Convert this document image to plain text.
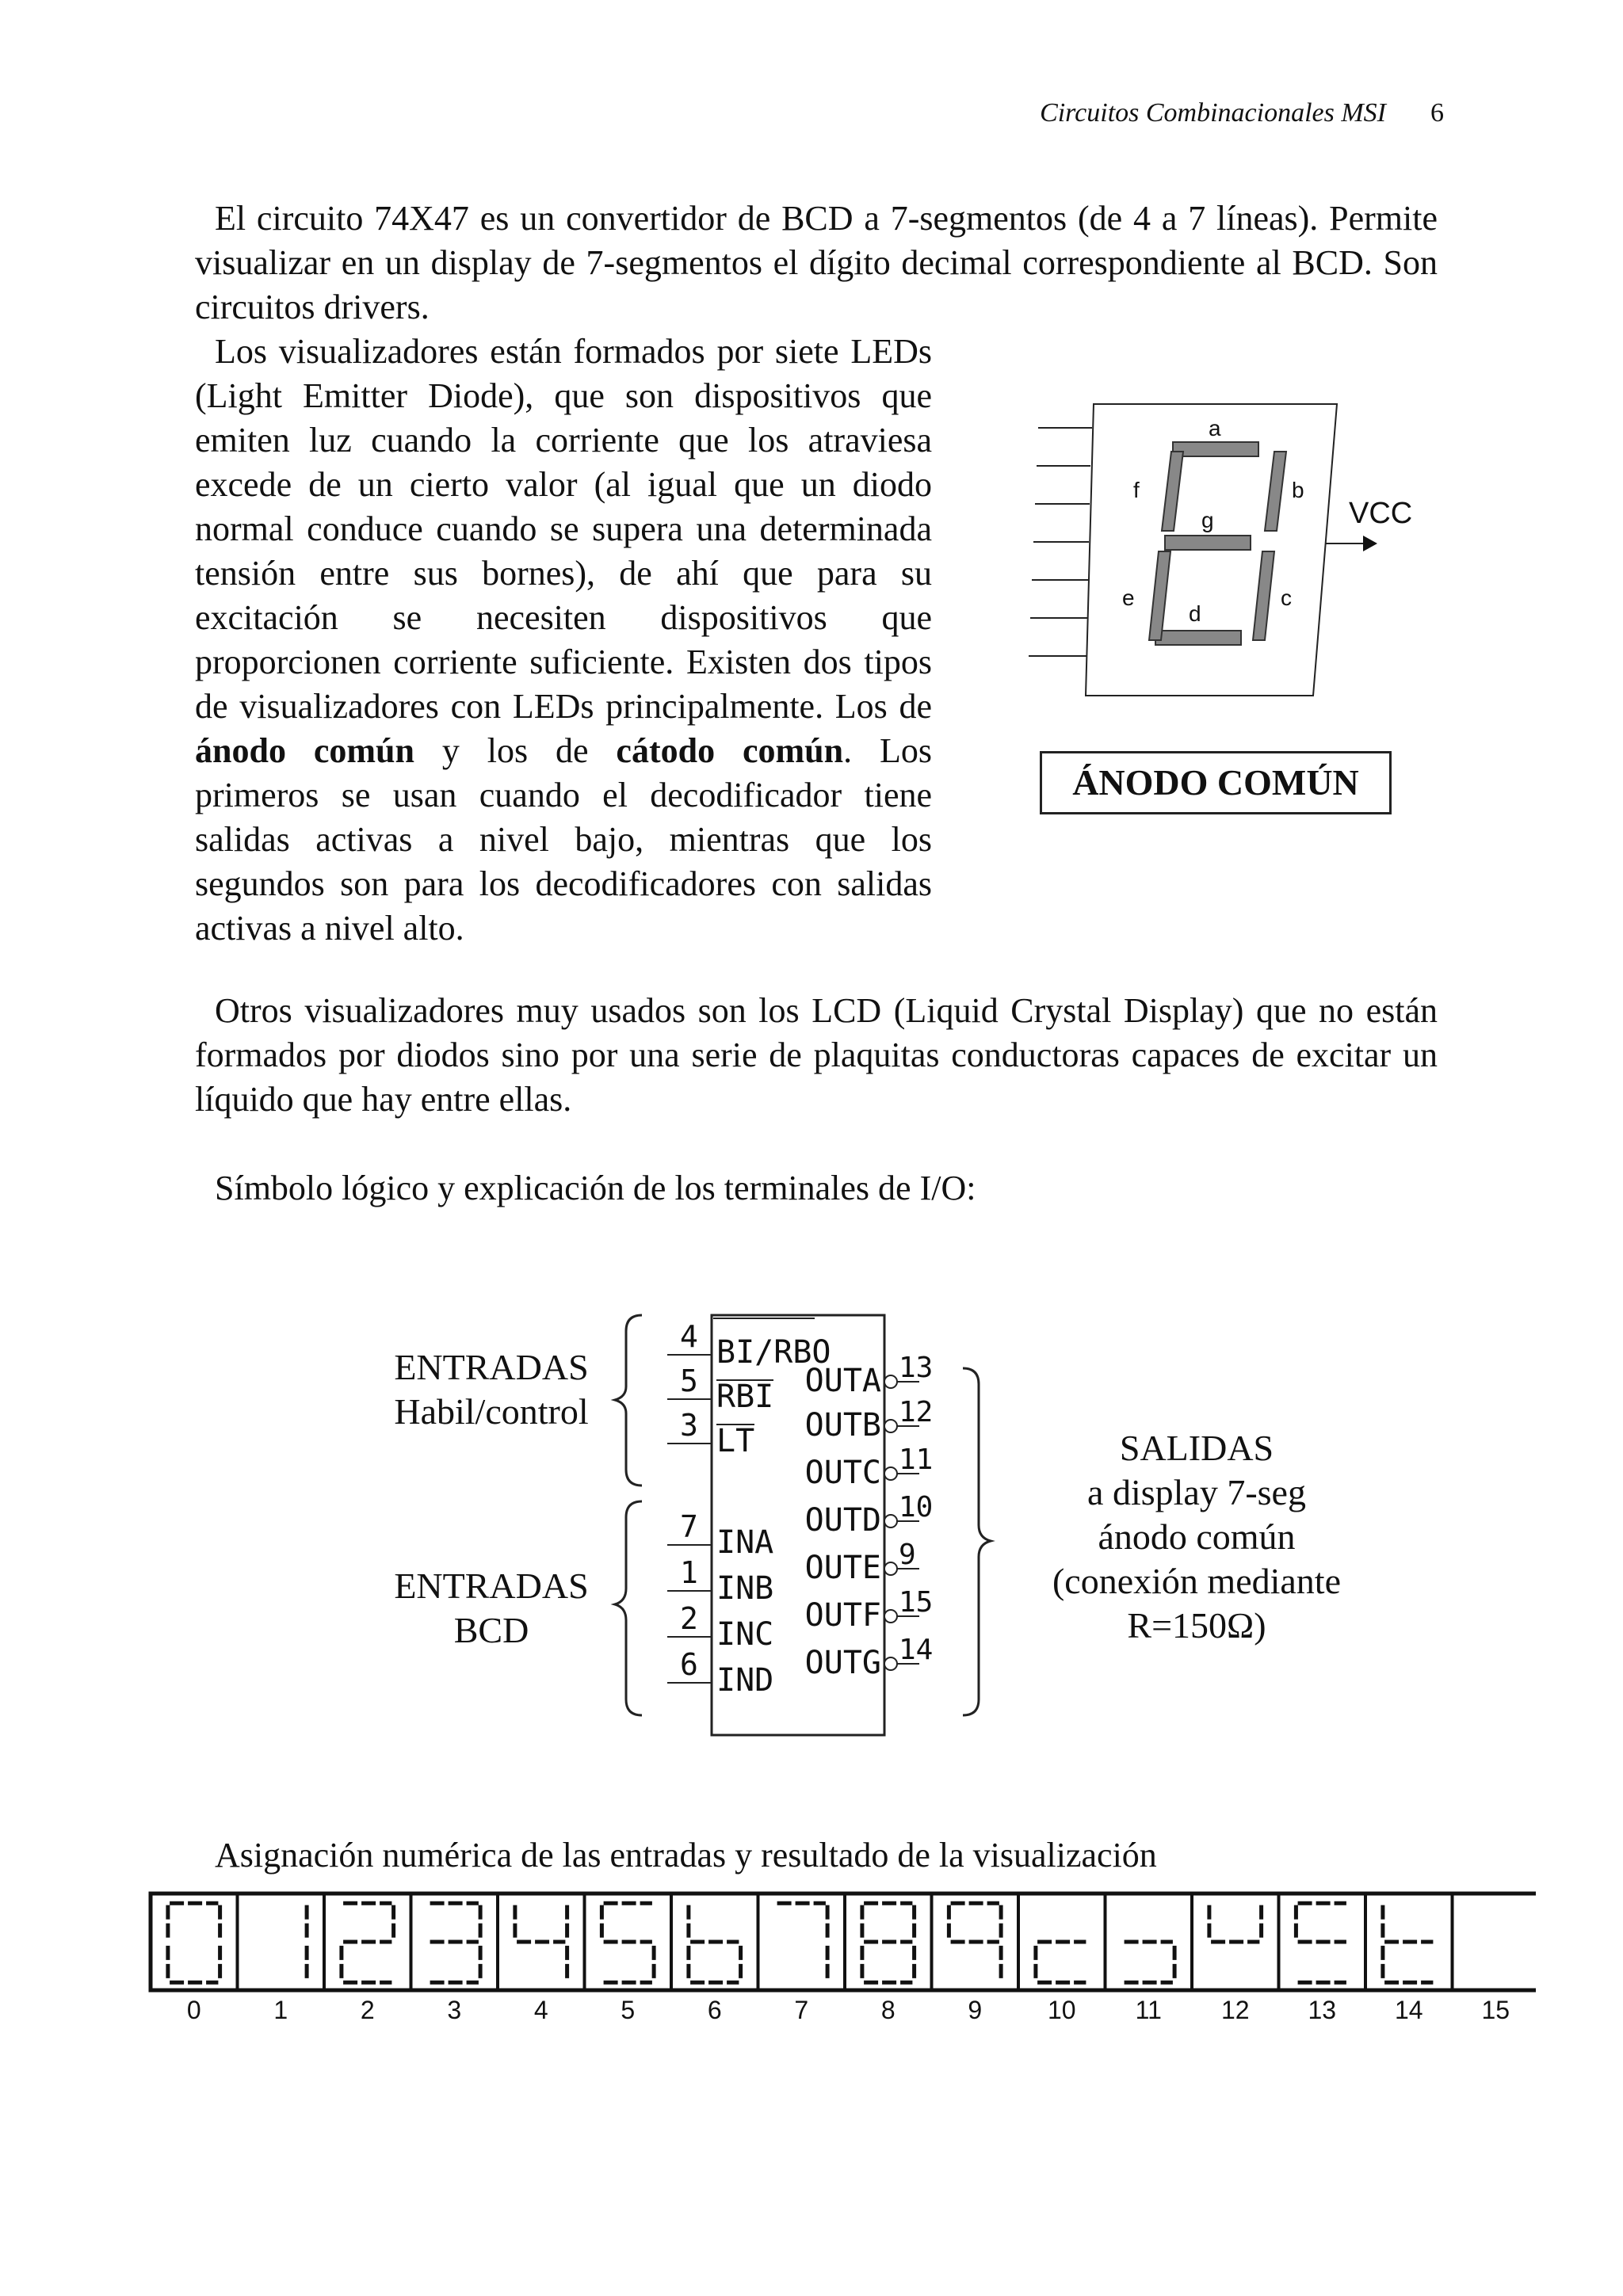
Circuitos Combinacionales MSI 6
El circuito 74X47 es un convertidor de BCD a 7-segmentos (de 4 a 7 líneas). Permite visualizar en un display de 7-segmentos el dígito decimal correspondiente al BCD. Son circuitos drivers.
Los visualizadores están formados por siete LEDs (Light Emitter Diode), que son dispositivos que emiten luz cuando la corriente que los atraviesa excede de un cierto valor (al igual que un diodo normal conduce cuando se supera una determinada tensión entre sus bornes), de ahí que para su excitación se necesiten dispositivos que proporcionen corriente suficiente. Existen dos tipos de visualizadores con LEDs principalmente. Los de ánodo común y los de cátodo común. Los primeros se usan cuando el decodificador tiene salidas activas a nivel bajo, mientras que los segundos son para los decodificadores con salidas activas a nivel alto.
VCC
a
b
c
d
e
f
g
ÁNODO COMÚN
Otros visualizadores muy usados son los LCD (Liquid Crystal Display) que no están formados por diodos sino por una serie de plaquitas conductoras capaces de excitar un líquido que hay entre ellas.
Símbolo lógico y explicación de los terminales de I/O:
ENTRADAS
Habil/control
ENTRADAS
BCD
SALIDAS
a display 7-seg
ánodo común
(conexión mediante
R=150Ω)
4 BI/RBO
5 RBI
3 LT
7 INA
1 INB
2 INC
6 IND
OUTA 13
OUTB 12
OUTC 11
OUTD 10
OUTE 9
OUTF 15
OUTG 14
Asignación numérica de las entradas y resultado de la visualización
0	1	2	3	4	5	6	7	8	9	10 11 12 13 14 15
